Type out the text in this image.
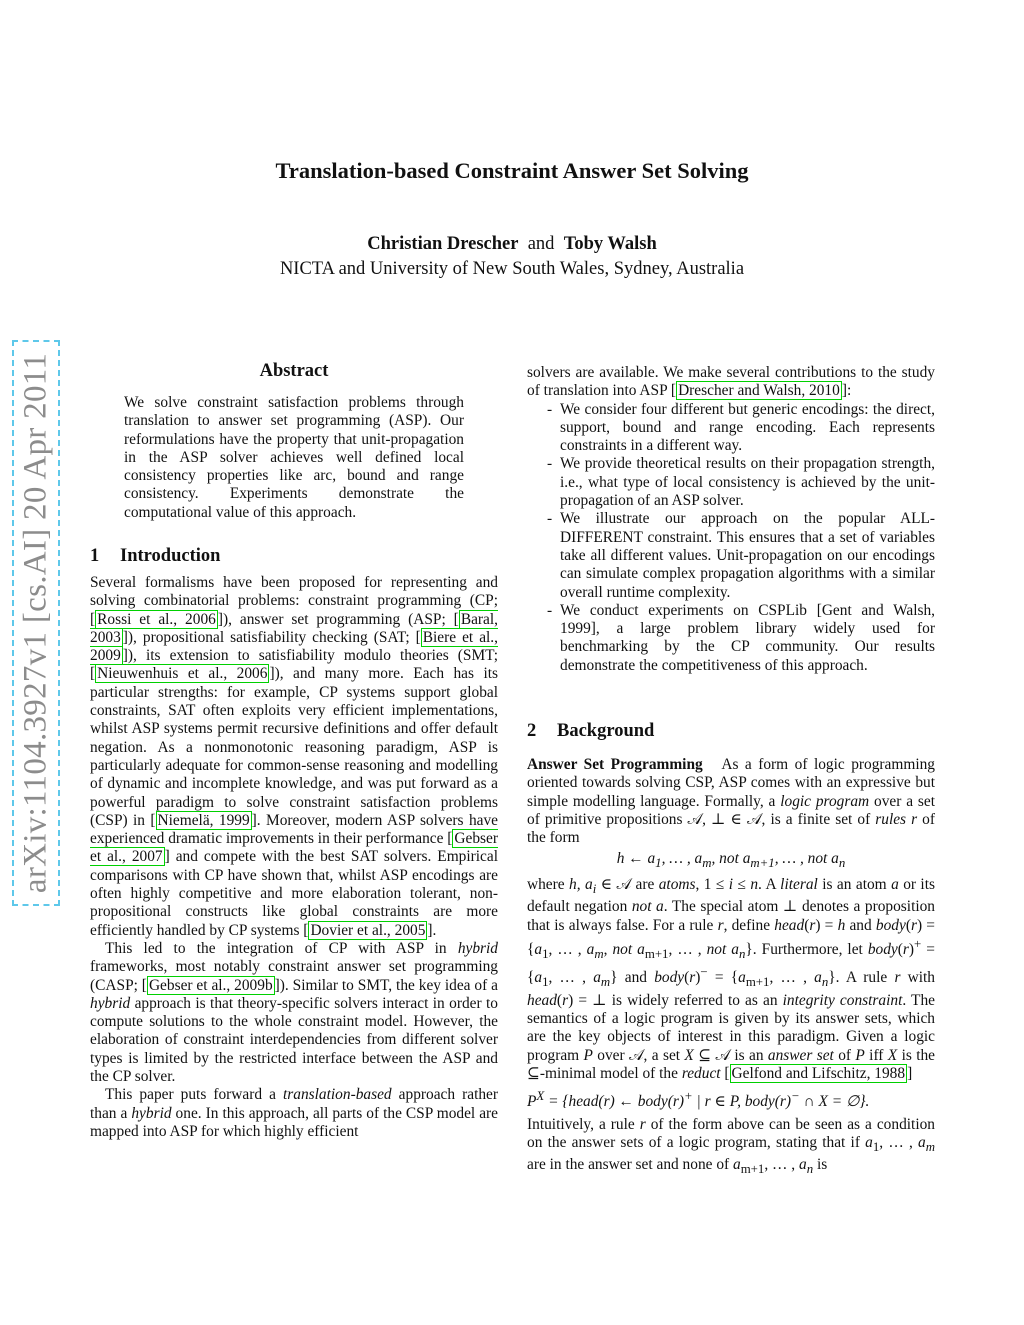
Translation-based Constraint Answer Set Solving
Christian Drescher and Toby Walsh
NICTA and University of New South Wales, Sydney, Australia
arXiv:1104.3927v1 [cs.AI] 20 Apr 2011	Abstract
We solve constraint satisfaction problems through translation to answer set programming (ASP). Our reformulations have the property that unit-propagation in the ASP solver achieves well defined local consistency properties like arc, bound and range consistency. Experiments demonstrate the computational value of this approach.
1 Introduction

Several formalisms have been proposed for representing and solving combinatorial problems: constraint programming (CP; [ Rossi et al., 2006 ]), answer set programming (ASP; [ Baral, 2003 ]), propositional satisfiability checking (SAT; [ Biere et al., 2009 ]), its extension to satisfiability modulo theories (SMT; [ Nieuwenhuis et al., 2006 ]), and many more. Each has its particular strengths: for example, CP systems support global constraints, SAT often exploits very efficient implementations, whilst ASP systems permit recursive definitions and offer default negation. As a nonmonotonic reasoning paradigm, ASP is particularly adequate for common-sense reasoning and modelling of dynamic and incomplete knowledge, and was put forward as a powerful paradigm to solve constraint satisfaction problems (CSP) in [ Niemelä, 1999 ]. Moreover, modern ASP solvers have experienced dramatic improvements in their performance [ Gebser et al., 2007 ] and compete with the best SAT solvers. Empirical comparisons with CP have shown that, whilst ASP encodings are often highly competitive and more elaboration tolerant, non-propositional constructs like global constraints are more efficiently handled by CP systems [ Dovier et al., 2005 ].

This led to the integration of CP with ASP in hybrid frameworks, most notably constraint answer set programming (CASP; [ Gebser et al., 2009b ]). Similar to SMT, the key idea of a hybrid approach is that theory-specific solvers interact in order to compute solutions to the whole constraint model. However, the elaboration of constraint interdependencies from different solver types is limited by the restricted interface between the ASP and the CP solver.

This paper puts forward a translation-based approach rather than a hybrid one. In this approach, all parts of the CSP model are mapped into ASP for which highly efficient

solvers are available. We make several contributions to the study of translation into ASP [ Drescher and Walsh, 2010 ]:

- We consider four different but generic encodings: the direct, support, bound and range encoding. Each represents constraints in a different way.
- We provide theoretical results on their propagation strength, i.e., what type of local consistency is achieved by the unit-propagation of an ASP solver.
- We illustrate our approach on the popular ALL-DIFFERENT constraint. This ensures that a set of variables take all different values. Unit-propagation on our encodings can simulate complex propagation algorithms with a similar overall runtime complexity.
- We conduct experiments on CSPLib [Gent and Walsh, 1999], a large problem library widely used for benchmarking by the CP community. Our results demonstrate the competitiveness of this approach.
2 Background

Answer Set Programming   As a form of logic programming oriented towards solving CSP, ASP comes with an expressive but simple modelling language. Formally, a logic program over a set of primitive propositions 𝒜, ⊥ ∈ 𝒜, is a finite set of rules r of the form

h ← $a_1$, … , $a_m$, not $a_{m+1}$, … , not $a_n$

where h, $a_i$ ∈ 𝒜 are atoms, 1 ≤ i ≤ n. A literal is an atom a or its default negation not a. The special atom ⊥ denotes a proposition that is always false. For a rule r, define head(r) = h and body(r) = {$a_1$, … , $a_m$, not $a_{m+1}$, … , not $a_n$}. Furthermore, let body(r)+ = {$a_1$, … , $a_m$} and body(r)− = {$a_{m+1}$, … , $a_n$}. A rule r with head(r) = ⊥ is widely referred to as an integrity constraint. The semantics of a logic program is given by its answer sets, which are the key objects of interest in this paradigm. Given a logic program P over 𝒜, a set X ⊆ 𝒜 is an answer set of P iff X is the ⊆-minimal model of the reduct [ Gelfond and Lifschitz, 1988 ]

$P^X$ = {head(r) ← body(r)+ | r ∈ P, body(r)− ∩ X = ∅}.

Intuitively, a rule r of the form above can be seen as a condition on the answer sets of a logic program, stating that if $a_1$, … , $a_m$ are in the answer set and none of $a_{m+1}$, … , $a_n$ is
